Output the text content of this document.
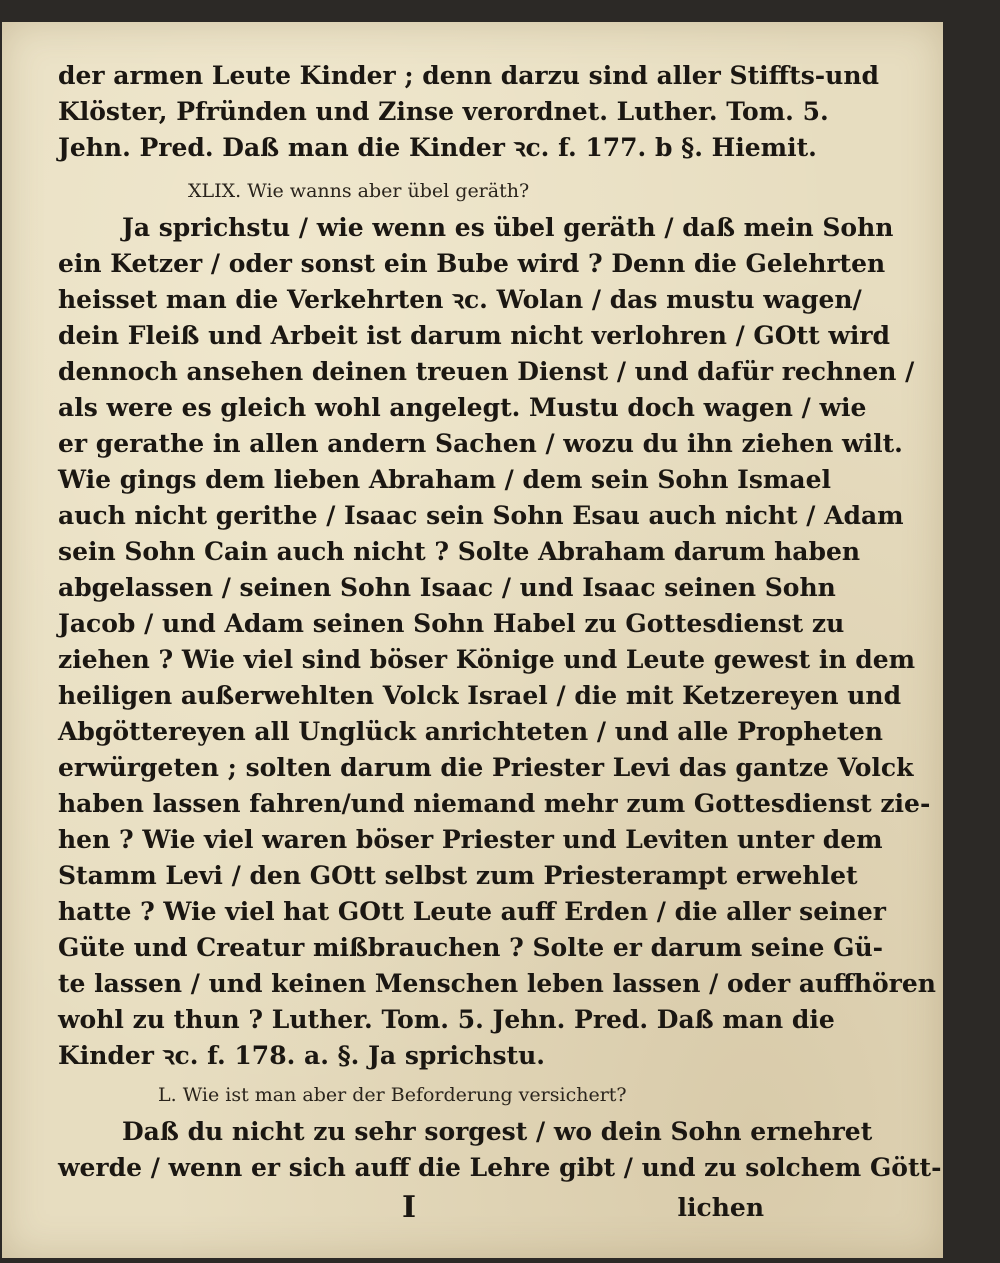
der armen Leute Kinder ; denn darzu sind aller Stiffts-und
Klöster, Pfründen und Zinse verordnet. Luther. Tom. 5.
Jehn. Pred. Daß man die Kinder ꝛc. f. 177. b §. Hiemit.
XLIX. Wie wanns aber übel geräth?
Ja sprichstu / wie wenn es übel geräth / daß mein Sohn
ein Ketzer / oder sonst ein Bube wird ? Denn die Gelehrten
heisset man die Verkehrten ꝛc. Wolan / das mustu wagen/
dein Fleiß und Arbeit ist darum nicht verlohren / GOtt wird
dennoch ansehen deinen treuen Dienst / und dafür rechnen /
als were es gleich wohl angelegt. Mustu doch wagen / wie
er gerathe in allen andern Sachen / wozu du ihn ziehen wilt.
Wie gings dem lieben Abraham / dem sein Sohn Ismael
auch nicht gerithe / Isaac sein Sohn Esau auch nicht / Adam
sein Sohn Cain auch nicht ? Solte Abraham darum haben
abgelassen / seinen Sohn Isaac / und Isaac seinen Sohn
Jacob / und Adam seinen Sohn Habel zu Gottesdienst zu
ziehen ? Wie viel sind böser Könige und Leute gewest in dem
heiligen außerwehlten Volck Israel / die mit Ketzereyen und
Abgöttereyen all Unglück anrichteten / und alle Propheten
erwürgeten ; solten darum die Priester Levi das gantze Volck
haben lassen fahren/und niemand mehr zum Gottesdienst zie-
hen ? Wie viel waren böser Priester und Leviten unter dem
Stamm Levi / den GOtt selbst zum Priesterampt erwehlet
hatte ? Wie viel hat GOtt Leute auff Erden / die aller seiner
Güte und Creatur mißbrauchen ? Solte er darum seine Gü-
te lassen / und keinen Menschen leben lassen / oder auffhören
wohl zu thun ? Luther. Tom. 5. Jehn. Pred. Daß man die
Kinder ꝛc. f. 178. a. §. Ja sprichstu.
L. Wie ist man aber der Beforderung versichert?
Daß du nicht zu sehr sorgest / wo dein Sohn ernehret
werde / wenn er sich auff die Lehre gibt / und zu solchem Gött-
I	lichen
